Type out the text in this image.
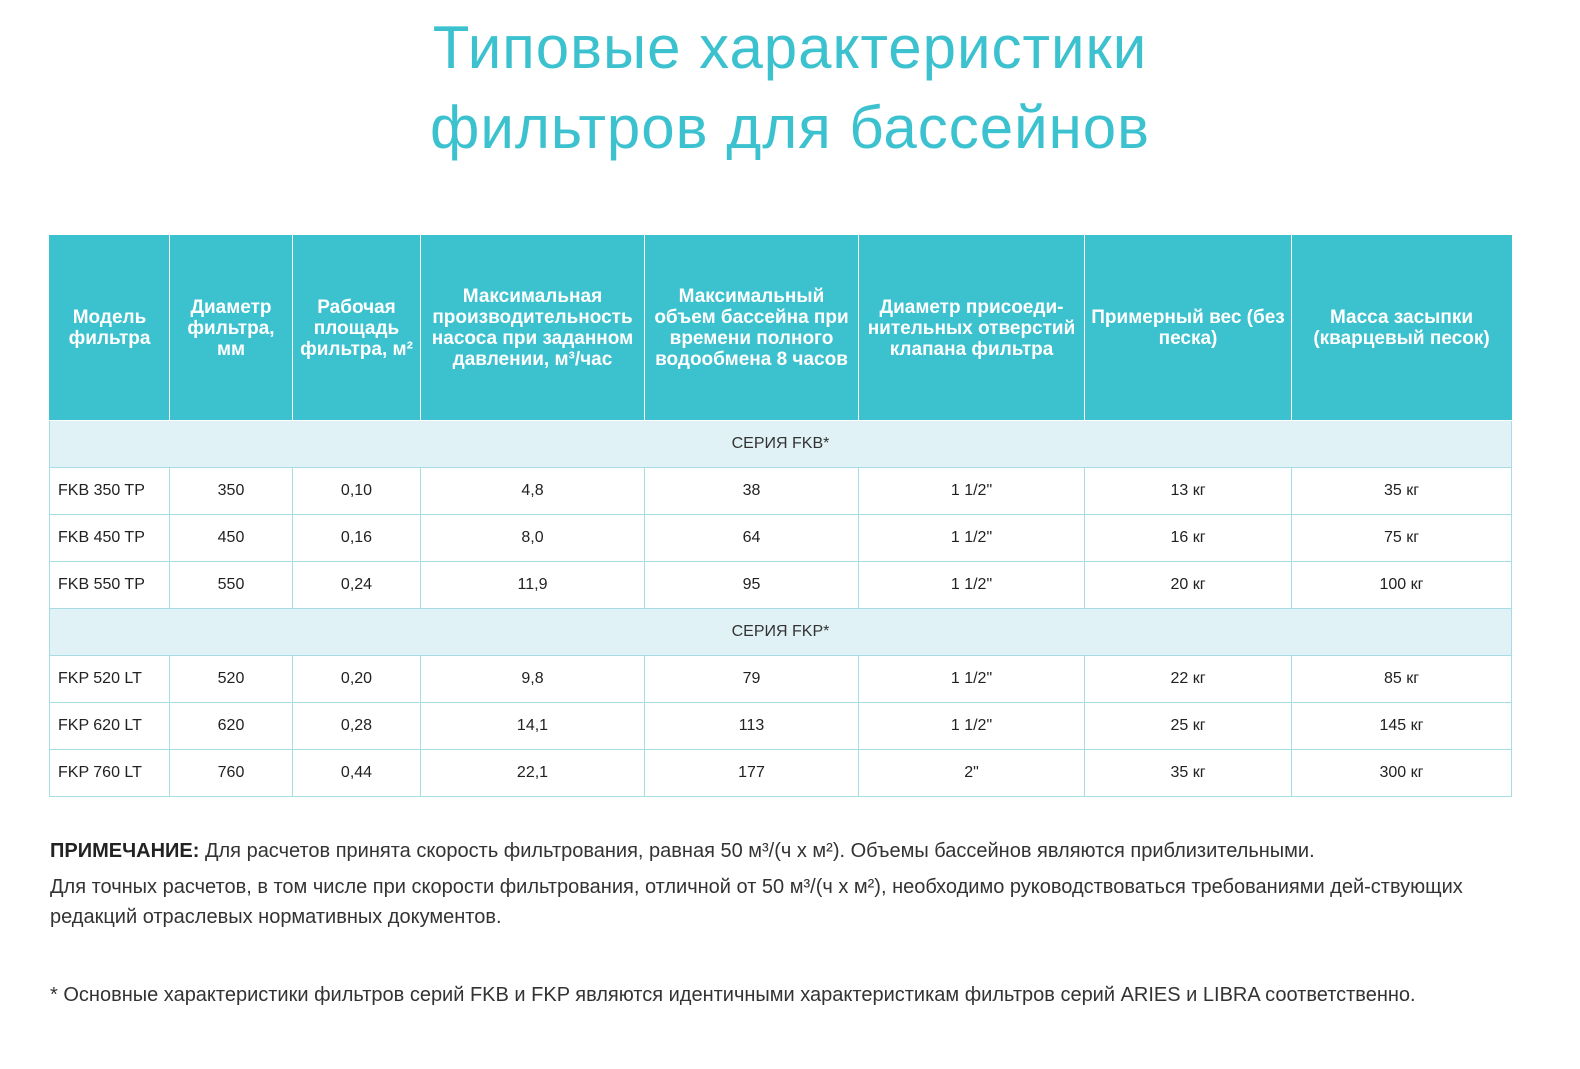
Типовые характеристики
фильтров для бассейнов
Модель фильтра	Диаметр фильтра, мм	Рабочая площадь фильтра, м²	Максимальная производительность насоса при заданном давлении, м³/час	Максимальный объем бассейна при времени полного водообмена 8 часов	Диаметр присоеди-нительных отверстий клапана фильтра	Примерный вес (без песка)	Масса засыпки (кварцевый песок)
СЕРИЯ FKB*							
FKB 350 TP	350	0,10	4,8	38	1 1/2"	13 кг	35 кг
FKB 450 TP	450	0,16	8,0	64	1 1/2"	16 кг	75 кг
FKB 550 TP	550	0,24	11,9	95	1 1/2"	20 кг	100 кг
СЕРИЯ FKP*							
FKP 520 LT	520	0,20	9,8	79	1 1/2"	22 кг	85 кг
FKP 620 LT	620	0,28	14,1	113	1 1/2"	25 кг	145 кг
FKP 760 LT	760	0,44	22,1	177	2"	35 кг	300 кг

ПРИМЕЧАНИЕ: Для расчетов принята скорость фильтрования, равная 50 м³/(ч x м²). Объемы бассейнов являются приблизительными.

Для точных расчетов, в том числе при скорости фильтрования, отличной от 50 м³/(ч x м²), необходимо руководствоваться требованиями дей-ствующих редакций отраслевых нормативных документов.

* Основные характеристики фильтров серий FKB и FKP являются идентичными характеристикам фильтров серий ARIES и LIBRA соответственно.
